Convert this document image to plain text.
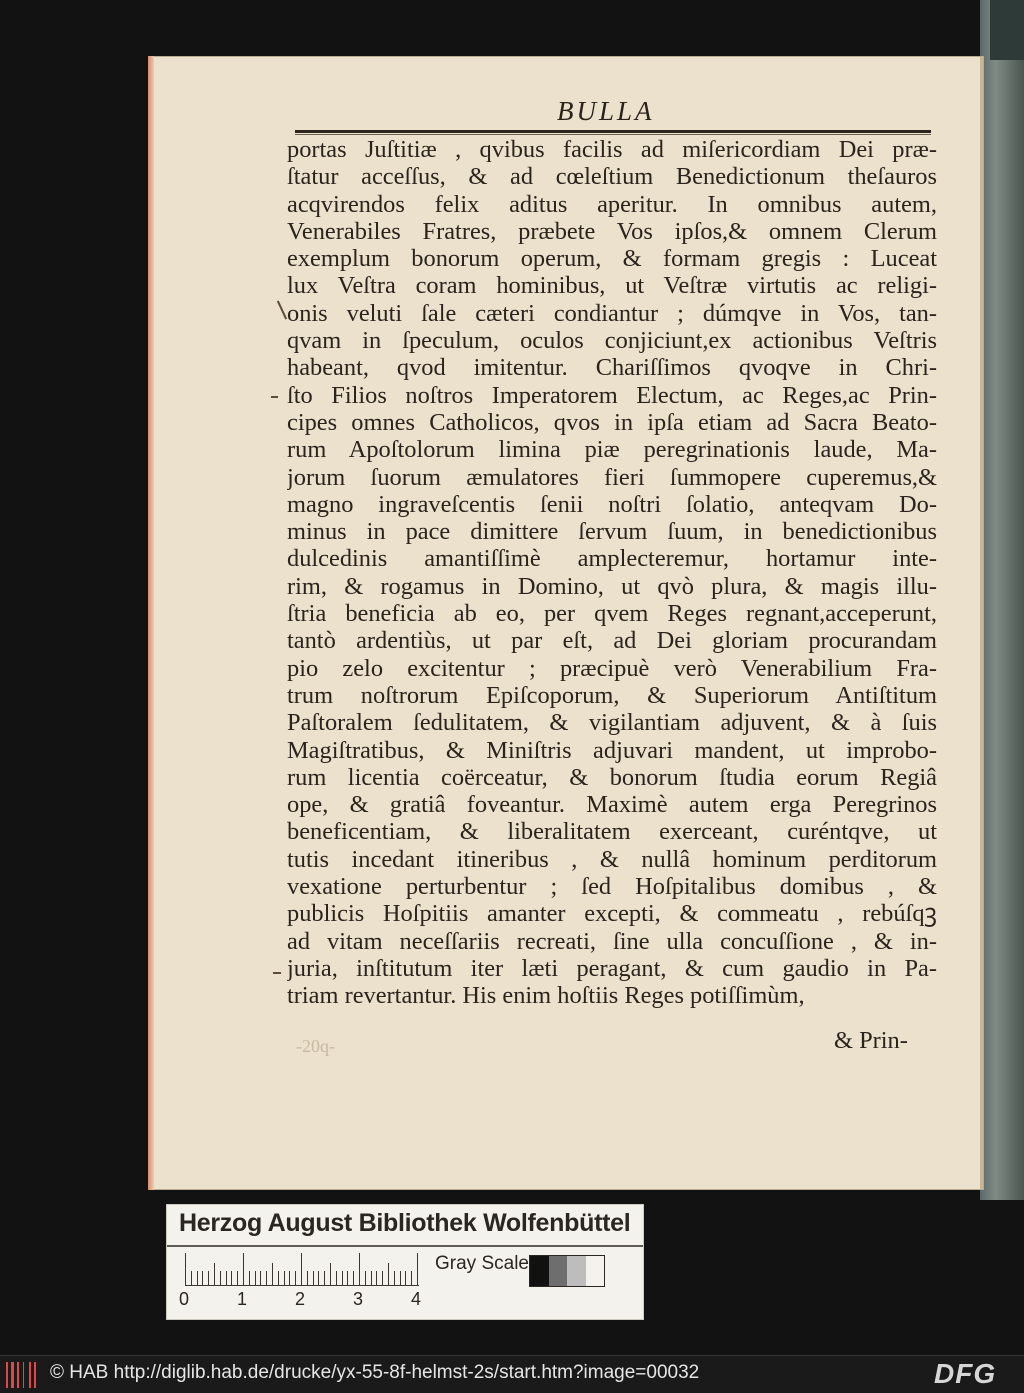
BULLA
portas Juſtitiæ , qvibus facilis ad miſericordiam Dei præ-
ſtatur acceſſus, & ad cœleſtium Benedictionum theſauros
acqvirendos felix aditus aperitur. In omnibus autem,
Venerabiles Fratres, præbete Vos ipſos,& omnem Clerum
exemplum bonorum operum, & formam gregis : Luceat
lux Veſtra coram hominibus, ut Veſtræ virtutis ac religi-
onis veluti ſale cæteri condiantur ; dúmqve in Vos, tan-
qvam in ſpeculum, oculos conjiciunt,ex actionibus Veſtris
habeant, qvod imitentur. Chariſſimos qvoqve in Chri-
ſto Filios noſtros Imperatorem Electum, ac Reges,ac Prin-
cipes omnes Catholicos, qvos in ipſa etiam ad Sacra Beato-
rum Apoſtolorum limina piæ peregrinationis laude, Ma-
jorum ſuorum æmulatores fieri ſummopere cuperemus,&
magno ingraveſcentis ſenii noſtri ſolatio, anteqvam Do-
minus in pace dimittere ſervum ſuum, in benedictionibus
dulcedinis amantiſſimè amplecteremur, hortamur inte-
rim, & rogamus in Domino, ut qvò plura, & magis illu-
ſtria beneficia ab eo, per qvem Reges regnant,acceperunt,
tantò ardentiùs, ut par eſt, ad Dei gloriam procurandam
pio zelo excitentur ; præcipuè verò Venerabilium Fra-
trum noſtrorum Epiſcoporum, & Superiorum Antiſtitum
Paſtoralem ſedulitatem, & vigilantiam adjuvent, & à ſuis
Magiſtratibus, & Miniſtris adjuvari mandent, ut improbo-
rum licentia coërceatur, & bonorum ſtudia eorum Regiâ
ope, & gratiâ foveantur. Maximè autem erga Peregrinos
beneficentiam, & liberalitatem exerceant, curéntqve, ut
tutis incedant itineribus , & nullâ hominum perditorum
vexatione perturbentur ; ſed Hoſpitalibus domibus , &
publicis Hoſpitiis amanter excepti, & commeatu , rebúſqꝫ
ad vitam neceſſariis recreati, ſine ulla concuſſione , & in-
juria, inſtitutum iter læti peragant, & cum gaudio in Pa-
triam revertantur. His enim hoſtiis Reges potiſſimùm,
-20q-	& Prin-
Herzog August Bibliothek Wolfenbüttel
0	1	2	3	4
Gray Scale
© HAB http://diglib.hab.de/drucke/yx-55-8f-helmst-2s/start.htm?image=00032	DFG
